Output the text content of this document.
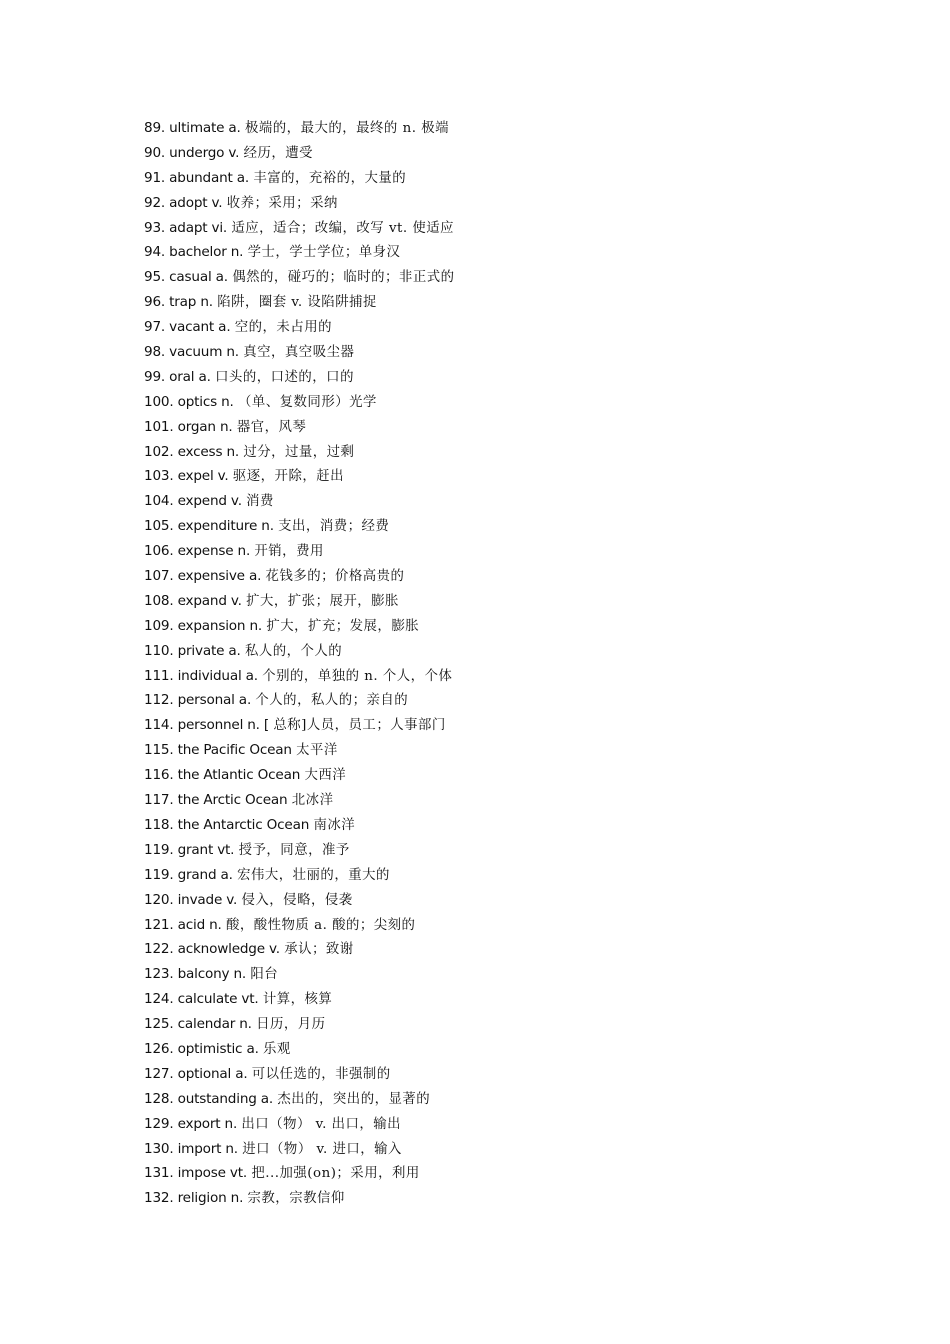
89. ultimate a. 极端的，最大的，最终的 n. 极端
90. undergo v. 经历，遭受
91. abundant a. 丰富的，充裕的，大量的
92. adopt v. 收养；采用；采纳
93. adapt vi. 适应，适合；改编，改写 vt. 使适应
94. bachelor n. 学士，学士学位；单身汉
95. casual a. 偶然的，碰巧的；临时的；非正式的
96. trap n. 陷阱，圈套 v. 设陷阱捕捉
97. vacant a. 空的，未占用的
98. vacuum n. 真空，真空吸尘器
99. oral a. 口头的，口述的，口的
100. optics n. （单、复数同形）光学
101. organ n. 器官，风琴
102. excess n. 过分，过量，过剩
103. expel v. 驱逐，开除，赶出
104. expend v. 消费
105. expenditure n. 支出，消费；经费
106. expense n. 开销，费用
107. expensive a. 花钱多的；价格高贵的
108. expand v. 扩大，扩张；展开，膨胀
109. expansion n. 扩大，扩充；发展，膨胀
110. private a. 私人的，个人的
111. individual a. 个别的，单独的 n. 个人，个体
112. personal a. 个人的，私人的；亲自的
114. personnel n. [ 总称]人员，员工；人事部门
115. the Pacific Ocean 太平洋
116. the Atlantic Ocean 大西洋
117. the Arctic Ocean 北冰洋
118. the Antarctic Ocean 南冰洋
119. grant vt. 授予，同意，准予
119. grand a. 宏伟大，壮丽的，重大的
120. invade v. 侵入，侵略，侵袭
121. acid n. 酸，酸性物质 a. 酸的；尖刻的
122. acknowledge v. 承认；致谢
123. balcony n. 阳台
124. calculate vt. 计算，核算
125. calendar n. 日历，月历
126. optimistic a. 乐观
127. optional a. 可以任选的，非强制的
128. outstanding a. 杰出的，突出的，显著的
129. export n. 出口（物） v. 出口，输出
130. import n. 进口（物） v. 进口，输入
131. impose vt. 把...加强(on)；采用，利用
132. religion n. 宗教，宗教信仰
